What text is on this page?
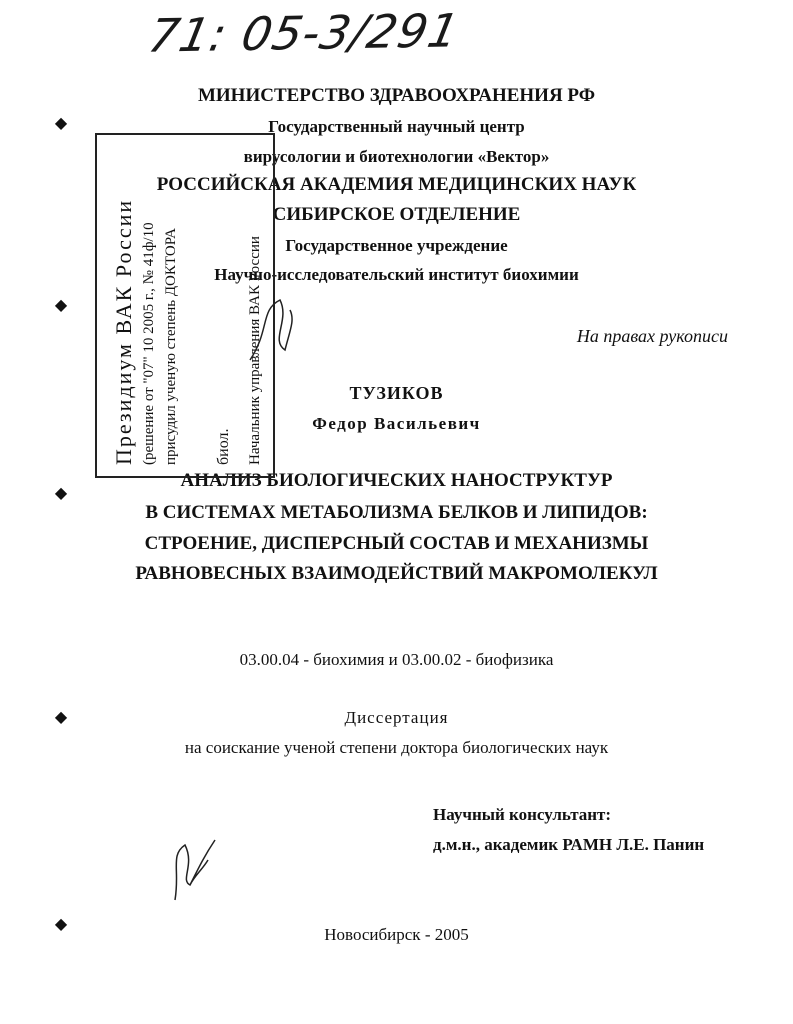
71: 05-3/291
МИНИСТЕРСТВО ЗДРАВООХРАНЕНИЯ РФ
Государственный научный центр
вирусологии и биотехнологии «Вектор»
РОССИЙСКАЯ АКАДЕМИЯ МЕДИЦИНСКИХ НАУК
СИБИРСКОЕ ОТДЕЛЕНИЕ
Государственное учреждение
Научно-исследовательский институт биохимии
На правах рукописи
ТУЗИКОВ
Федор Васильевич
АНАЛИЗ БИОЛОГИЧЕСКИХ НАНОСТРУКТУР
В СИСТЕМАХ МЕТАБОЛИЗМА БЕЛКОВ И ЛИПИДОВ:
СТРОЕНИЕ, ДИСПЕРСНЫЙ СОСТАВ И МЕХАНИЗМЫ
РАВНОВЕСНЫХ ВЗАИМОДЕЙСТВИЙ МАКРОМОЛЕКУЛ
03.00.04 - биохимия и 03.00.02 - биофизика
Диссертация
на соискание ученой степени доктора биологических наук
Научный консультант:
д.м.н., академик РАМН Л.Е. Панин
Новосибирск - 2005
Президиум ВАК России (решение от "07" 10 2005 г., № 41ф/10 присудил ученую степень ДОКТОРА биол. Начальник управления ВАК России
◆
◆
◆
◆
◆
